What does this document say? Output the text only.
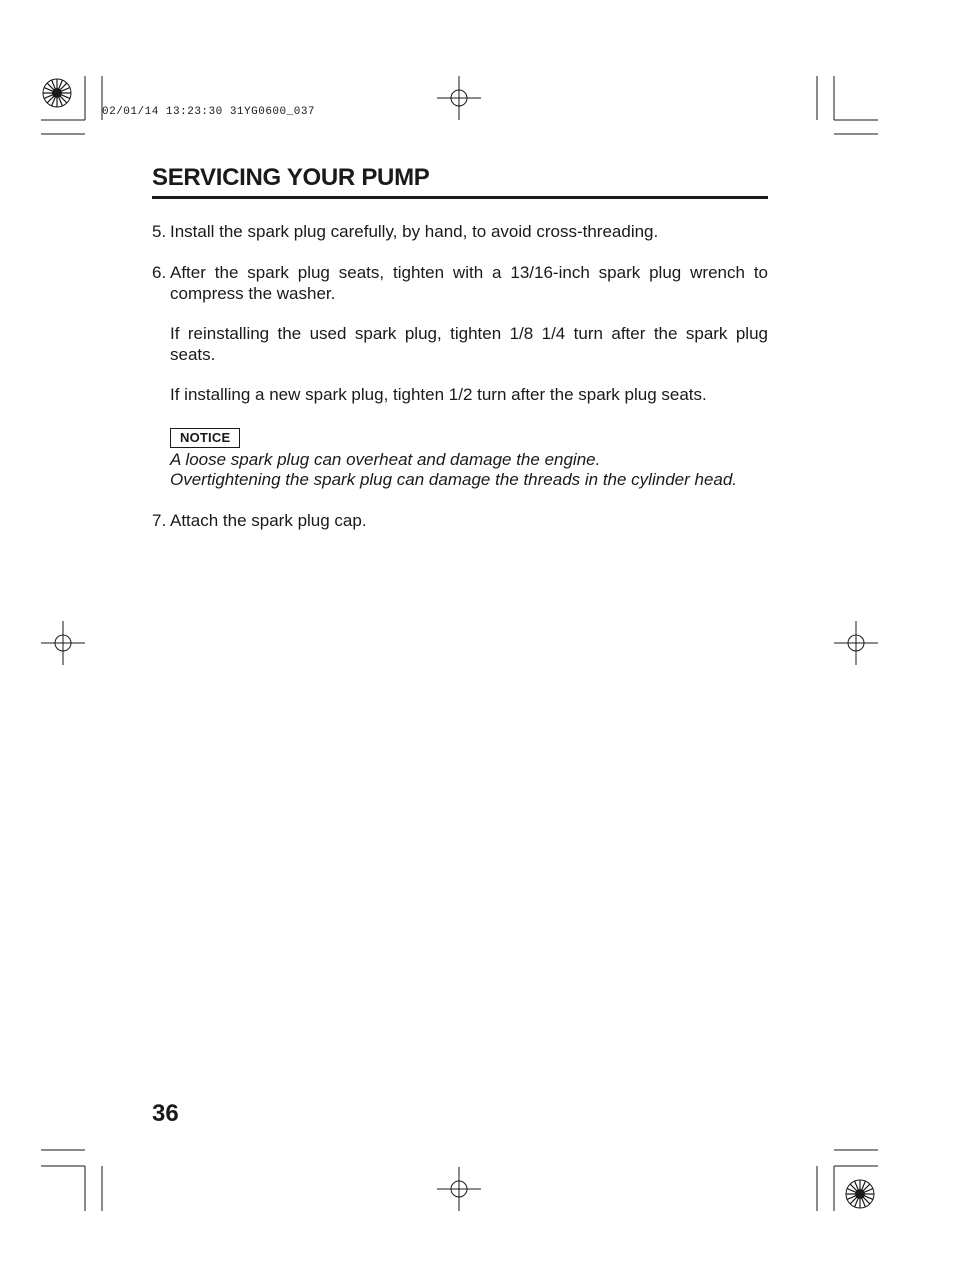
02/01/14 13:23:30 31YG0600_037
SERVICING YOUR PUMP

5. Install the spark plug carefully, by hand, to avoid cross-threading.

6. After the spark plug seats, tighten with a 13/16-inch spark plug wrench to compress the washer.

If reinstalling the used spark plug, tighten 1/8 1/4 turn after the spark plug seats.

If installing a new spark plug, tighten 1/2 turn after the spark plug seats.

NOTICE

A loose spark plug can overheat and damage the engine.

Overtightening the spark plug can damage the threads in the cylinder head.

7. Attach the spark plug cap.

36
